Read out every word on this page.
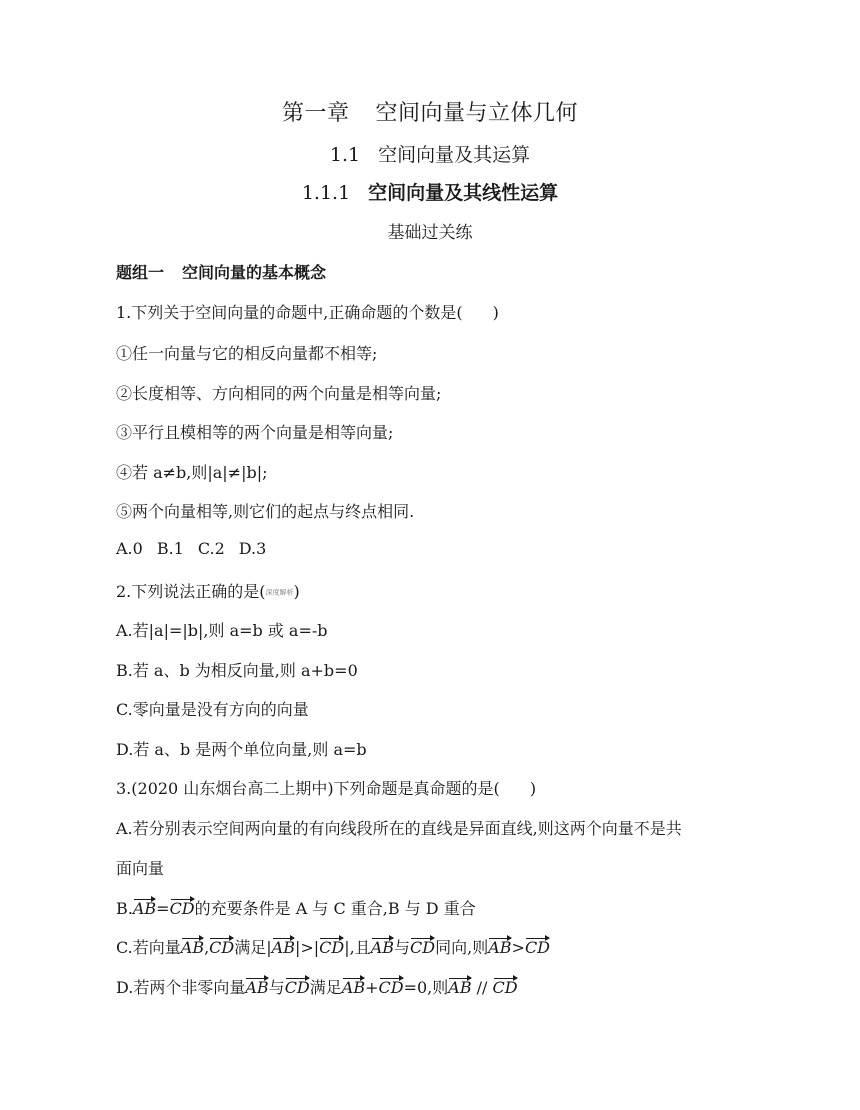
第一章 空间向量与立体几何
1.1 空间向量及其运算
1.1.1 空间向量及其线性运算
基础过关练
题组一 空间向量的基本概念
1.下列关于空间向量的命题中,正确命题的个数是( )
①任一向量与它的相反向量都不相等;
②长度相等、方向相同的两个向量是相等向量;
③平行且模相等的两个向量是相等向量;
④若 a≠b,则|a|≠|b|;
⑤两个向量相等,则它们的起点与终点相同.
A.0 B.1 C.2 D.3
2.下列说法正确的是(深度解析)
A.若|a|=|b|,则 a=b 或 a=-b
B.若 a、b 为相反向量,则 a+b=0
C.零向量是没有方向的向量
D.若 a、b 是两个单位向量,则 a=b
3.(2020 山东烟台高二上期中)下列命题是真命题的是( )
A.若分别表示空间两向量的有向线段所在的直线是异面直线,则这两个向量不是共
面向量
B.AB=CD的充要条件是 A 与 C 重合,B 与 D 重合
C.若向量AB,CD满足|AB|>|CD|,且AB与CD同向,则AB>CD
D.若两个非零向量AB与CD满足AB+CD=0,则AB // CD
